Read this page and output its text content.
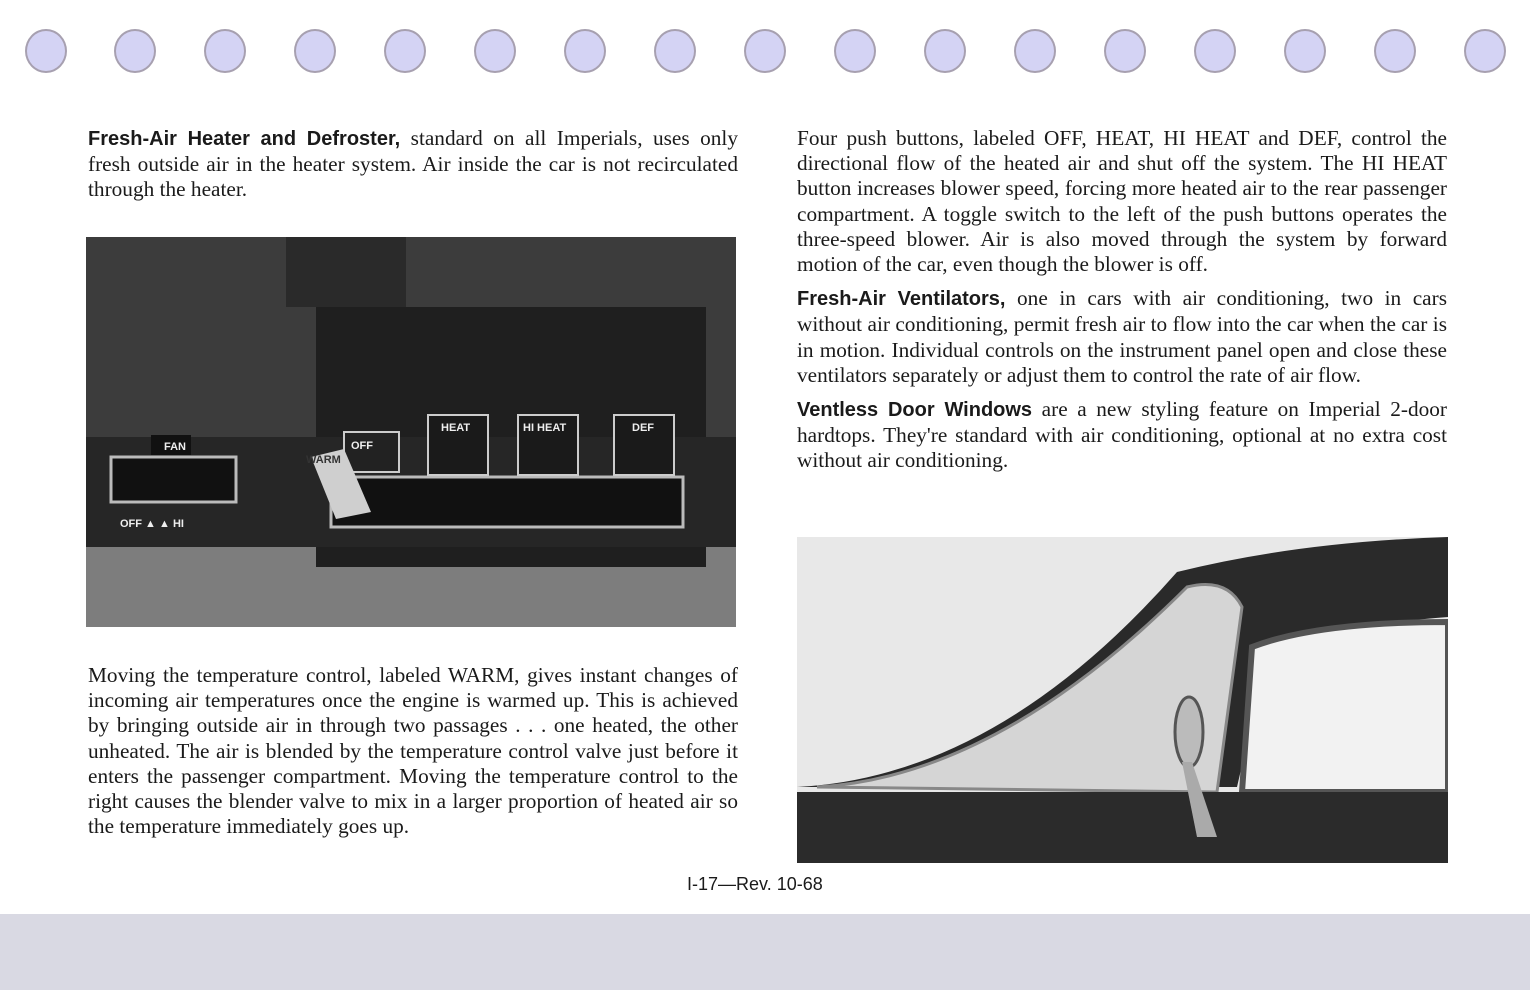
Fresh-Air Heater and Defroster, standard on all Imperials, uses only fresh outside air in the heater system. Air inside the car is not recirculated through the heater.

FAN
OFF ▲ ▲ HI
OFF
HEAT	HI HEAT	DEF
WARM

Moving the temperature control, labeled WARM, gives instant changes of incoming air temperatures once the engine is warmed up. This is achieved by bringing outside air in through two passages . . . one heated, the other unheated. The air is blended by the temperature control valve just before it enters the passenger compartment. Moving the temperature control to the right causes the blender valve to mix in a larger proportion of heated air so the temperature immediately goes up.

Four push buttons, labeled OFF, HEAT, HI HEAT and DEF, control the directional flow of the heated air and shut off the system. The HI HEAT button increases blower speed, forcing more heated air to the rear passenger compartment. A toggle switch to the left of the push buttons operates the three-speed blower. Air is also moved through the system by forward motion of the car, even though the blower is off.

Fresh-Air Ventilators, one in cars with air conditioning, two in cars without air conditioning, permit fresh air to flow into the car when the car is in motion. Individual controls on the instrument panel open and close these ventilators separately or adjust them to control the rate of air flow.

Ventless Door Windows are a new styling feature on Imperial 2-door hardtops. They're standard with air conditioning, optional at no extra cost without air conditioning.

I-17—Rev. 10-68
